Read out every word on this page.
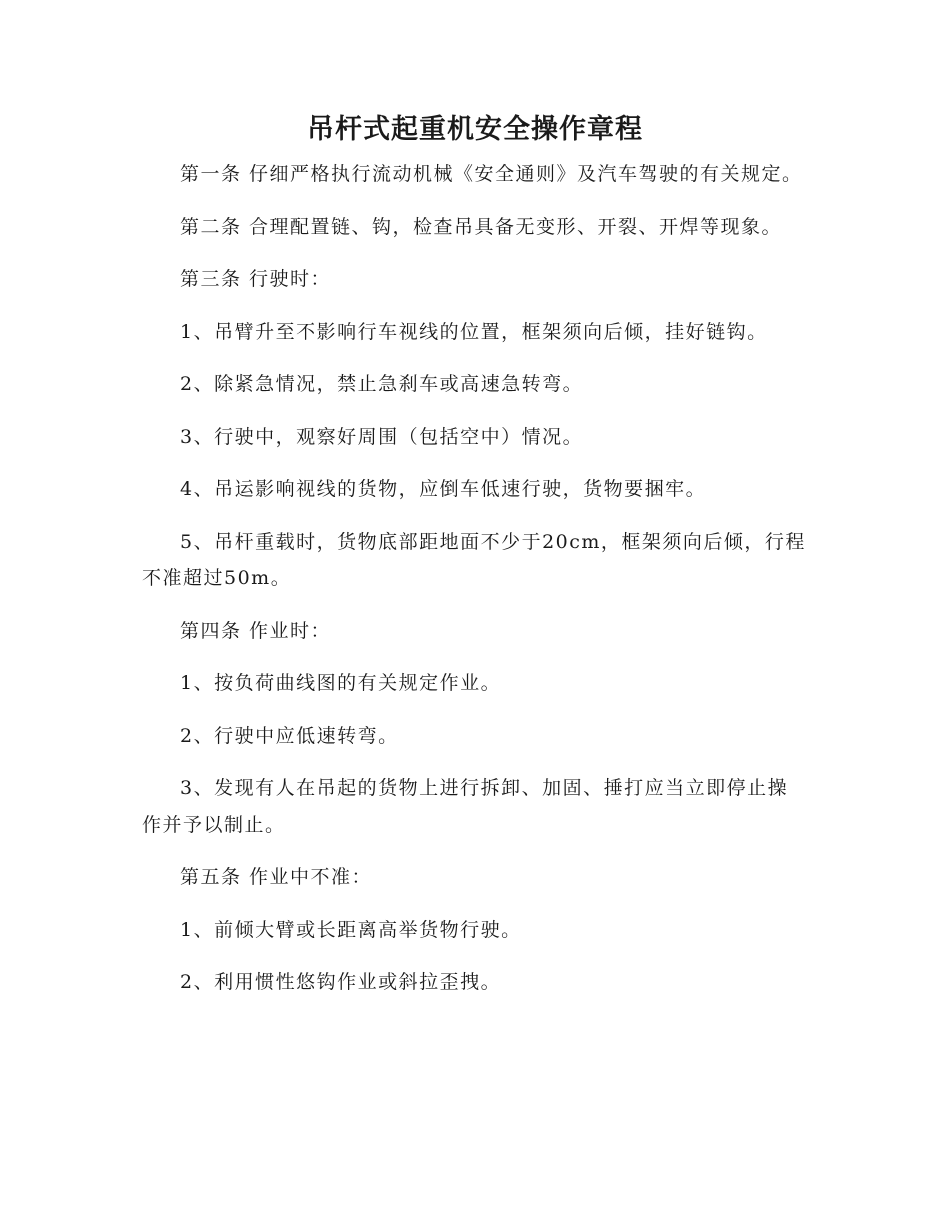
吊杆式起重机安全操作章程

第一条 仔细严格执行流动机械《安全通则》及汽车驾驶的有关规定。

第二条 合理配置链、钩，检查吊具备无变形、开裂、开焊等现象。

第三条 行驶时：

1、吊臂升至不影响行车视线的位置，框架须向后倾，挂好链钩。

2、除紧急情况，禁止急刹车或高速急转弯。

3、行驶中，观察好周围（包括空中）情况。

4、吊运影响视线的货物，应倒车低速行驶，货物要捆牢。

5、吊杆重载时，货物底部距地面不少于20cm，框架须向后倾，行程不准超过50m。

第四条 作业时：

1、按负荷曲线图的有关规定作业。

2、行驶中应低速转弯。

3、发现有人在吊起的货物上进行拆卸、加固、捶打应当立即停止操作并予以制止。

第五条 作业中不准：

1、前倾大臂或长距离高举货物行驶。

2、利用惯性悠钩作业或斜拉歪拽。
